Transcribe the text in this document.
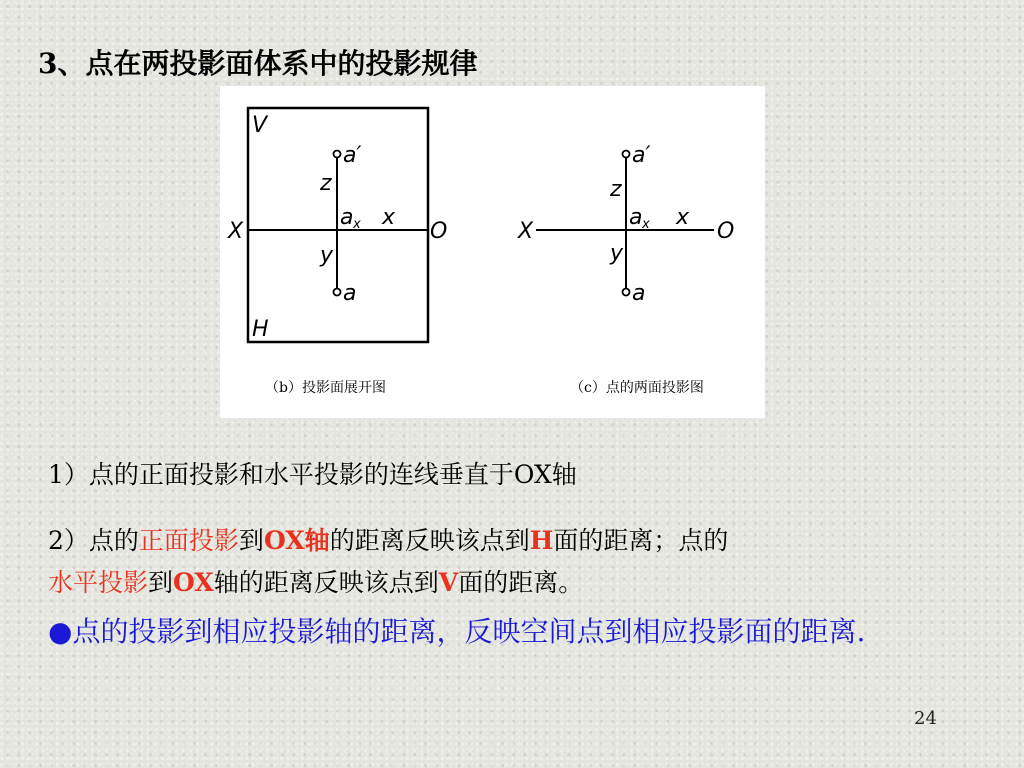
3、点在两投影面体系中的投影规律
V
H
X	O
a′
a
z
y
a x x
（b）投影面展开图
X	O
a′
a
z
y
a x x
（c）点的两面投影图
1）点的正面投影和水平投影的连线垂直于OX轴
2）点的正面投影到OX轴的距离反映该点到H面的距离；点的
水平投影到OX轴的距离反映该点到V面的距离。
●点的投影到相应投影轴的距离，反映空间点到相应投影面的距离.
24
